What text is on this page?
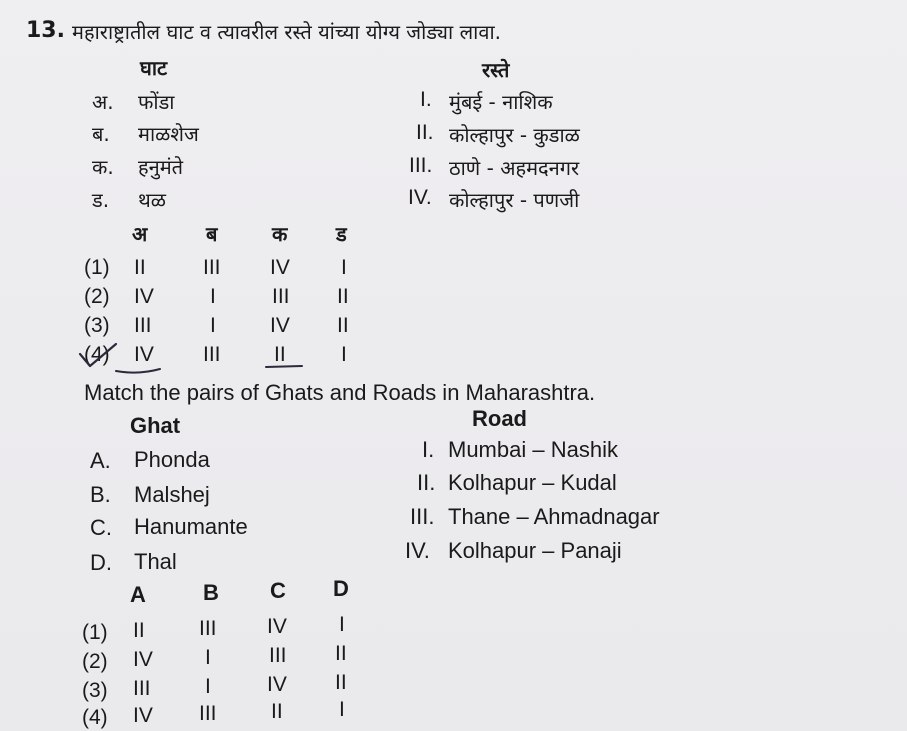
13. महाराष्ट्रातील घाट व त्यावरील रस्ते यांच्या योग्य जोड्या लावा.
घाट	रस्ते
अ. फोंडा
ब. माळशेज
क. हनुमंते
ड. थळ
I. मुंबई - नाशिक
II. कोल्हापुर - कुडाळ
III. ठाणे - अहमदनगर
IV. कोल्हापुर - पणजी
अ	ब	क ड
(1) II	III IV I
(2) IV	I	III II
(3) III	I	IV II
(4) IV III	II	I
Match the pairs of Ghats and Roads in Maharashtra.
Ghat	Road
A. Phonda
B. Malshej
C. Hanumante
D. Thal
I. Mumbai – Nashik
II. Kolhapur – Kudal
III. Thane – Ahmadnagar
IV. Kolhapur – Panaji
A	B C D
(1) II	III IV I
(2) IV I	III II
(3) III	I	IV II
(4) IV III	II	I
